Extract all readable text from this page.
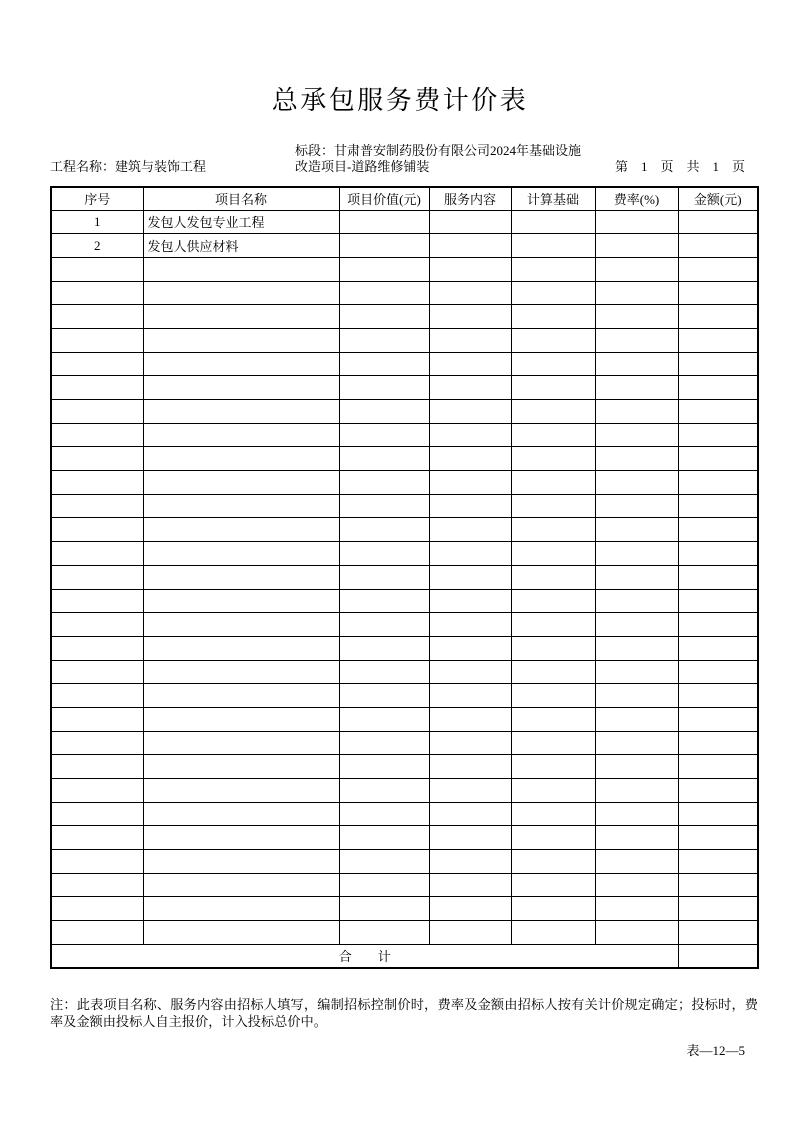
总承包服务费计价表
工程名称：建筑与装饰工程
标段：甘肃普安制药股份有限公司2024年基础设施
改造项目-道路维修铺装	第　1　页　共　1　页
序号	项目名称	项目价值(元)	服务内容	计算基础	费率(%)	金额(元)
1	发包人发包专业工程					
2	发包人供应材料					

合　　计						
注：此表项目名称、服务内容由招标人填写，编制招标控制价时，费率及金额由招标人按有关计价规定确定；投标时，费率及金额由投标人自主报价，计入投标总价中。
表—12—5
